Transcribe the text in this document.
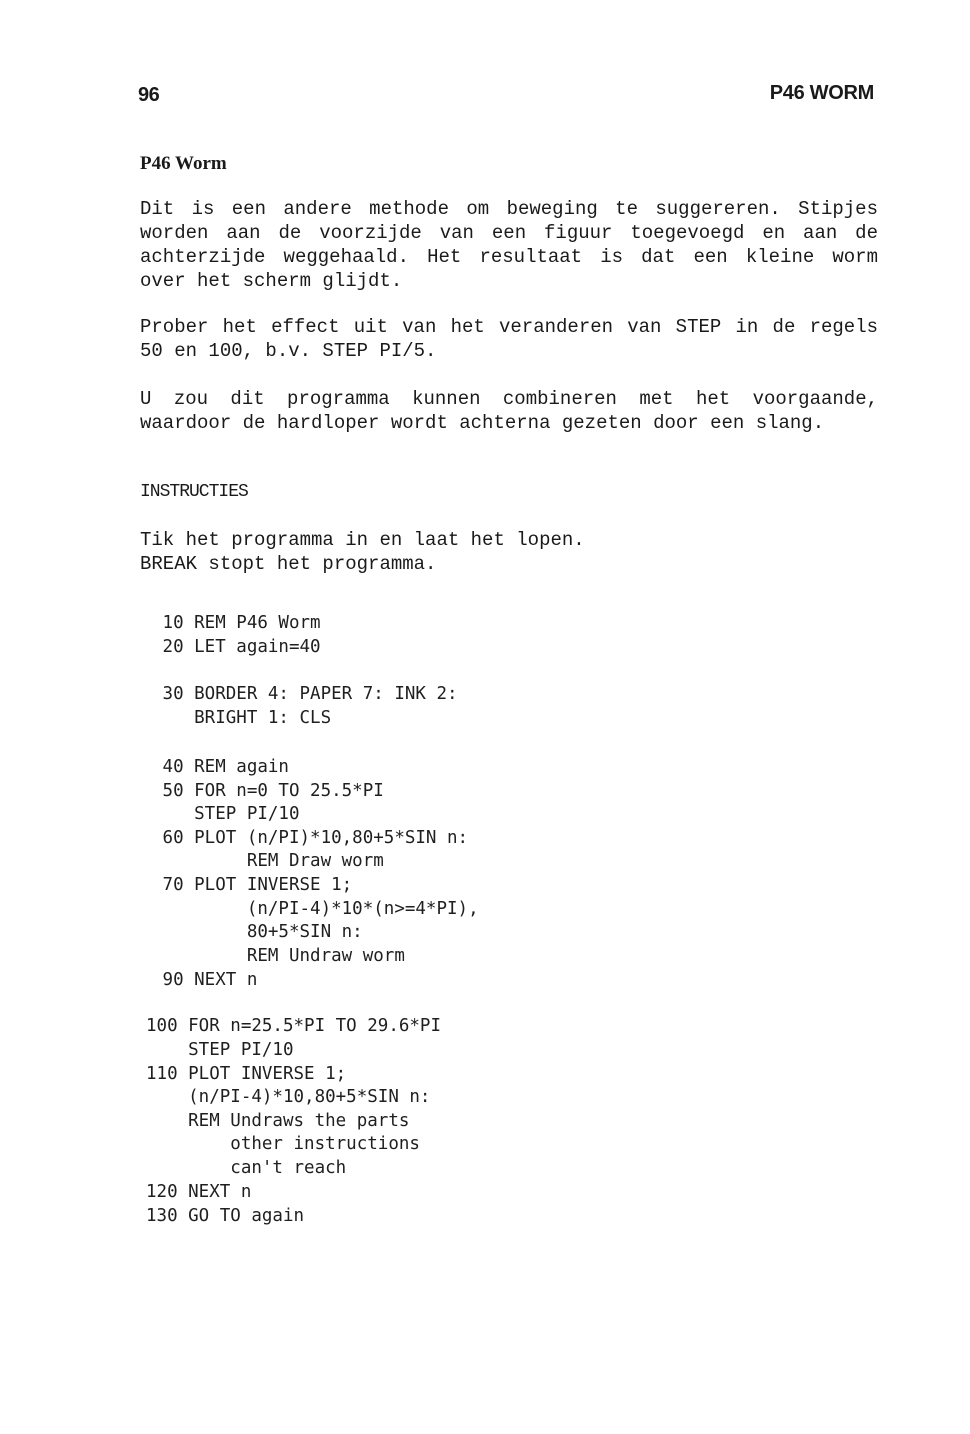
96	P46 WORM
P46 Worm

Dit is een andere methode om beweging te suggereren. Stipjes worden aan de voorzijde van een figuur toegevoegd en aan de achterzijde weggehaald. Het resultaat is dat een kleine worm over het scherm glijdt.

Prober het effect uit van het veranderen van STEP in de regels 50 en 100, b.v. STEP PI/5.

U zou dit programma kunnen combineren met het voorgaande, waardoor de hardloper wordt achterna gezeten door een slang.

INSTRUCTIES
Tik het programma in en laat het lopen.
BREAK stopt het programma.
10 REM P46 Worm
20 LET again=40
30 BORDER 4: PAPER 7: INK 2:
BRIGHT 1: CLS
40 REM again
50 FOR n=0 TO 25.5*PI
STEP PI/10
60 PLOT (n/PI)*10,80+5*SIN n:
REM Draw worm
70 PLOT INVERSE 1;
(n/PI-4)*10*(n>=4*PI),
80+5*SIN n:
REM Undraw worm
90 NEXT n
100 FOR n=25.5*PI TO 29.6*PI
STEP PI/10
110 PLOT INVERSE 1;
(n/PI-4)*10,80+5*SIN n:
REM Undraws the parts
other instructions
can't reach
120 NEXT n
130 GO TO again
